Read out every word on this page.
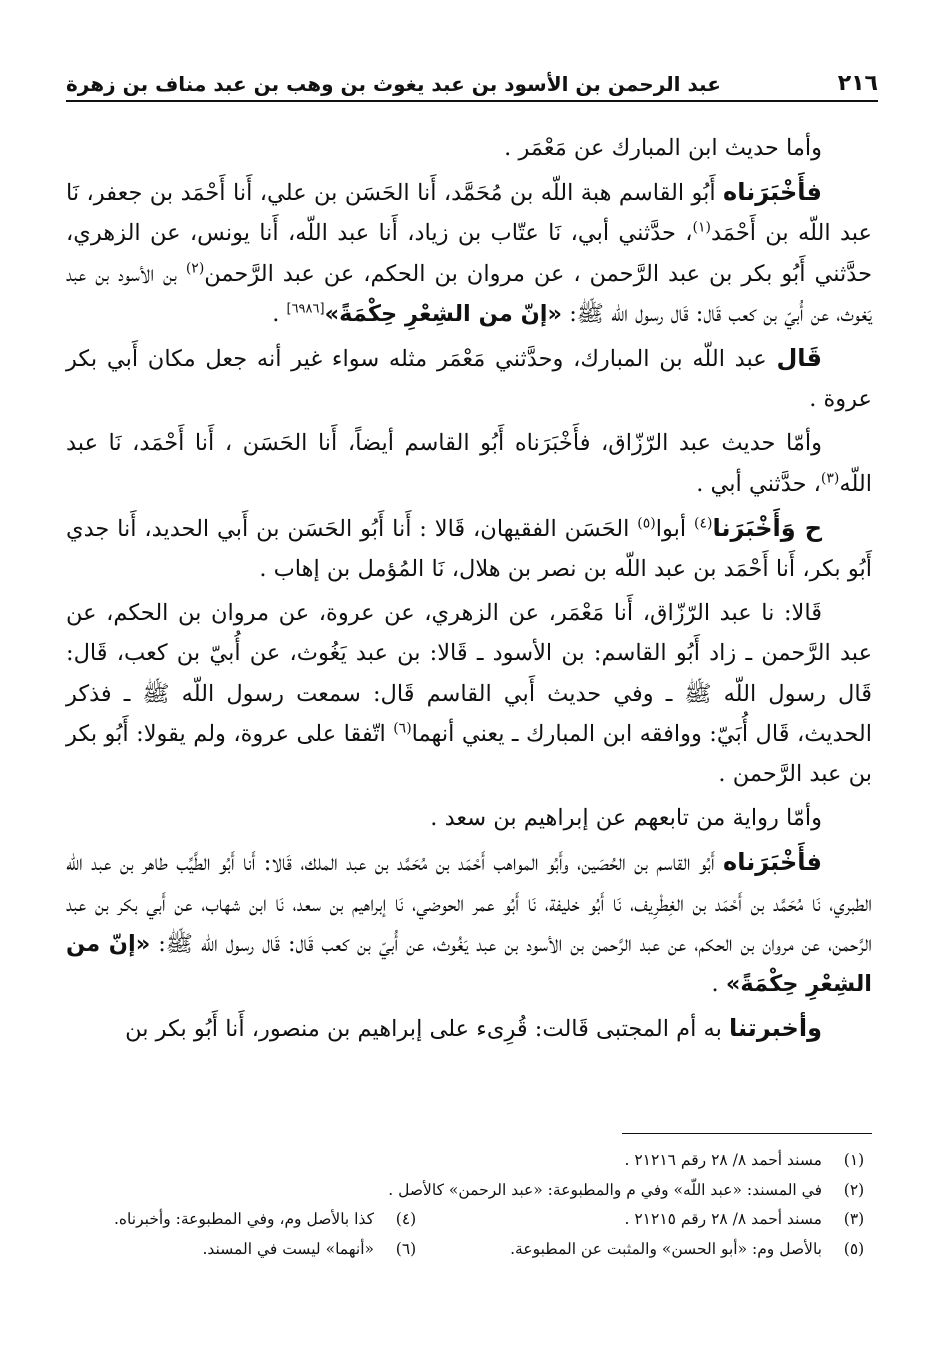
٢١٦
عبد الرحمن بن الأسود بن عبد يغوث بن وهب بن عبد مناف بن زهرة

وأما حديث ابن المبارك عن مَعْمَر .

فأَخْبَرَناه أَبُو القاسم هبة اللّه بن مُحَمَّد، أَنا الحَسَن بن علي، أَنا أَحْمَد بن جعفر، نَا عبد اللّه بن أَحْمَد$^{(١)}$، حدَّثني أبي، نَا عتّاب بن زياد، أَنا عبد اللّه، أَنا يونس، عن الزهري، حدَّثني أَبُو بكر بن عبد الرَّحمن ، عن مروان بن الحكم، عن عبد الرَّحمن$^{(٢)}$ بن الأسود بن عبد يَغوث، عن أُبيّ بن كعب قَال: قَال رسول اللّه ﷺ: «إنّ من الشِعْرِ حِكْمَةً»[٦٩٨٦] .

قَال عبد اللّه بن المبارك، وحدَّثني مَعْمَر مثله سواء غير أنه جعل مكان أَبي بكر عروة .

وأمّا حديث عبد الرّزّاق، فأَخْبَرَناه أَبُو القاسم أيضاً، أَنا الحَسَن ، أَنا أَحْمَد، نَا عبد اللّه$^{(٣)}$، حدَّثني أبي .

ح وَأَخْبَرَنا$^{(٤)}$ أبوا$^{(٥)}$ الحَسَن الفقيهان، قَالا : أَنا أَبُو الحَسَن بن أَبي الحديد، أَنا جدي أَبُو بكر، أَنا أَحْمَد بن عبد اللّه بن نصر بن هلال، نَا المُؤمل بن إهاب .

قَالا: نا عبد الرّزّاق، أَنا مَعْمَر، عن الزهري، عن عروة، عن مروان بن الحكم، عن عبد الرَّحمن ـ زاد أَبُو القاسم: بن الأسود ـ قَالا: بن عبد يَغُوث، عن أُبيّ بن كعب، قَال: قَال رسول اللّه ﷺ ـ وفي حديث أَبي القاسم قَال: سمعت رسول اللّه ﷺ ـ فذكر الحديث، قَال أُبَيّ: ووافقه ابن المبارك ـ يعني أنهما$^{(٦)}$ اتّفقا على عروة، ولم يقولا: أَبُو بكر بن عبد الرَّحمن .

وأمّا رواية من تابعهم عن إبراهيم بن سعد .

فأَخْبَرَناه أَبُو القاسم بن الحُصَين، وأَبُو المواهب أَحْمَد بن مُحَمَّد بن عبد الملك، قَالا: أَنا أَبُو الطَّيِّب طاهر بن عبد اللّه الطبري، نَا مُحَمَّد بن أَحْمَد بن الغِطْرِيف، نَا أَبُو خليفة، نَا أَبُو عمر الحوضي، نَا إبراهيم بن سعد، نَا ابن شهاب، عن أَبي بكر بن عبد الرَّحمن، عن مروان بن الحكم، عن عبد الرَّحمن بن الأسود بن عبد يَغُوث، عن أُبيّ بن كعب قَال: قَال رسول اللّه ﷺ: «إنّ من الشِعْرِ حِكْمَةً» .

وأخبرتنا به أم المجتبى قَالت: قُرِىء على إبراهيم بن منصور، أَنا أَبُو بكر بن

(١)
مسند أحمد ٨/ ٢٨ رقم ٢١٢١٦ .
(٢)
في المسند: «عبد اللّه» وفي م والمطبوعة: «عبد الرحمن» كالأصل .
(٣)
مسند أحمد ٨/ ٢٨ رقم ٢١٢١٥ .
(٤)
كذا بالأصل وم، وفي المطبوعة: وأخبرناه.
(٥)
بالأصل وم: «أبو الحسن» والمثبت عن المطبوعة.
(٦)
«أنهما» ليست في المسند.
